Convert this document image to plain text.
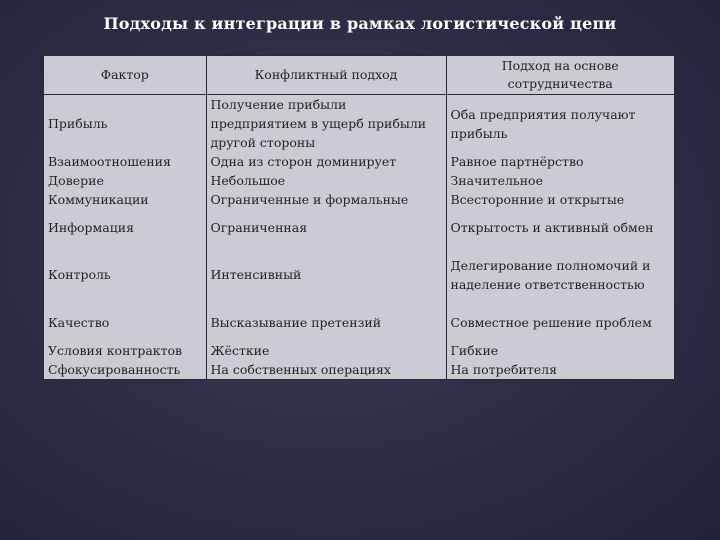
Подходы к интеграции в рамках логистической цепи
Фактор	Конфликтный подход	Подход на основе сотрудничества
Прибыль	Получение прибыли предприятием в ущерб прибыли другой стороны	Оба предприятия получают прибыль
Взаимоотношения	Одна из сторон доминирует	Равное партнёрство
Доверие	Небольшое	Значительное
Коммуникации	Ограниченные и формальные	Всесторонние и открытые
Информация	Ограниченная	Открытость и активный обмен
Контроль	Интенсивный	Делегирование полномочий и наделение ответственностью
Качество	Высказывание претензий	Совместное решение проблем
Условия контрактов	Жёсткие	Гибкие
Сфокусированность	На собственных операциях	На потребителя
